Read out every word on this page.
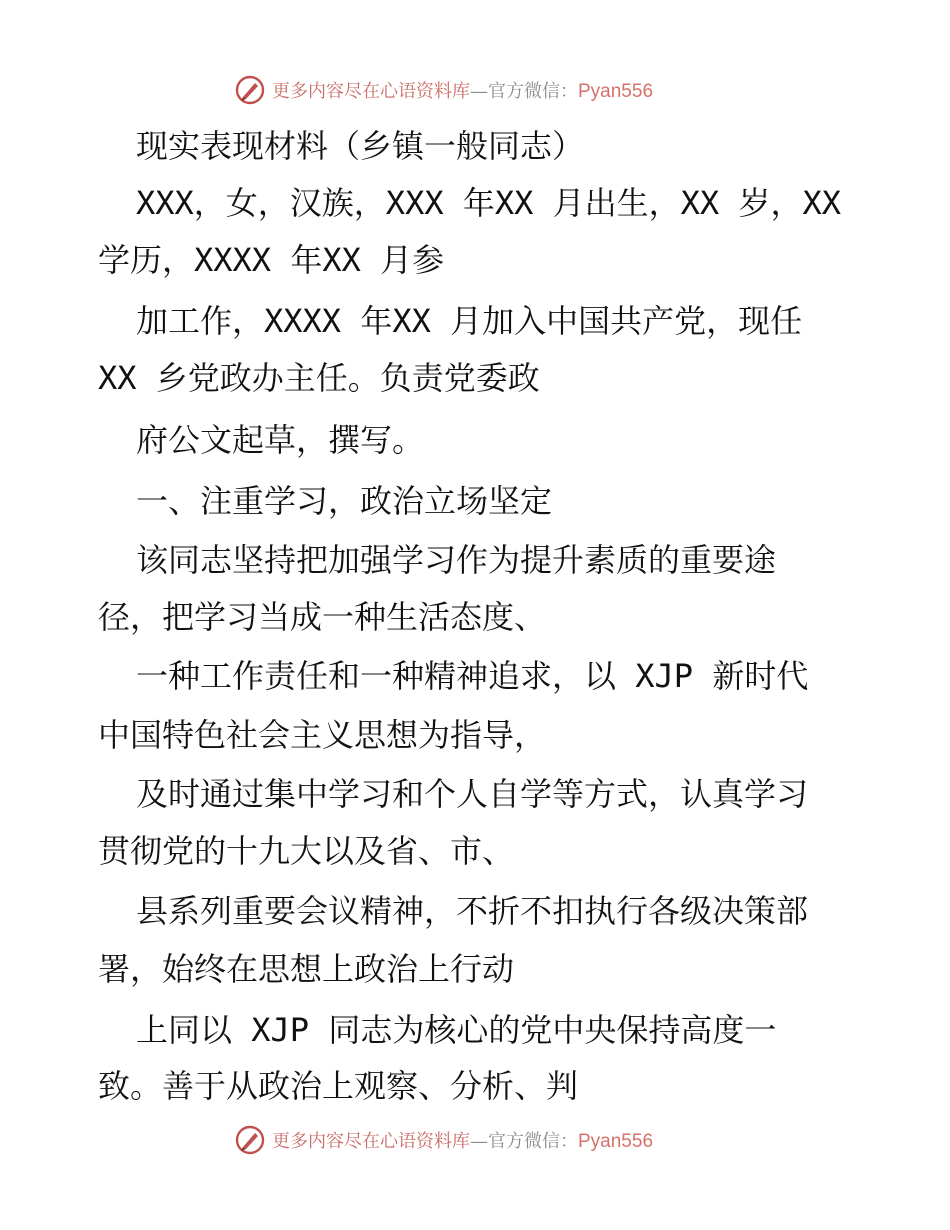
更多内容尽在心语资料库—官方微信：Pyan556
现实表现材料（乡镇一般同志）
XXX，女，汉族，XXX 年XX 月出生，XX 岁，XX
学历，XXXX 年XX 月参
加工作，XXXX 年XX 月加入中国共产党，现任
XX 乡党政办主任。负责党委政
府公文起草，撰写。
一、注重学习，政治立场坚定
该同志坚持把加强学习作为提升素质的重要途
径，把学习当成一种生活态度、
一种工作责任和一种精神追求，以 XJP 新时代
中国特色社会主义思想为指导，
及时通过集中学习和个人自学等方式，认真学习
贯彻党的十九大以及省、市、
县系列重要会议精神，不折不扣执行各级决策部
署，始终在思想上政治上行动
上同以 XJP 同志为核心的党中央保持高度一
致。善于从政治上观察、分析、判
更多内容尽在心语资料库—官方微信：Pyan556
